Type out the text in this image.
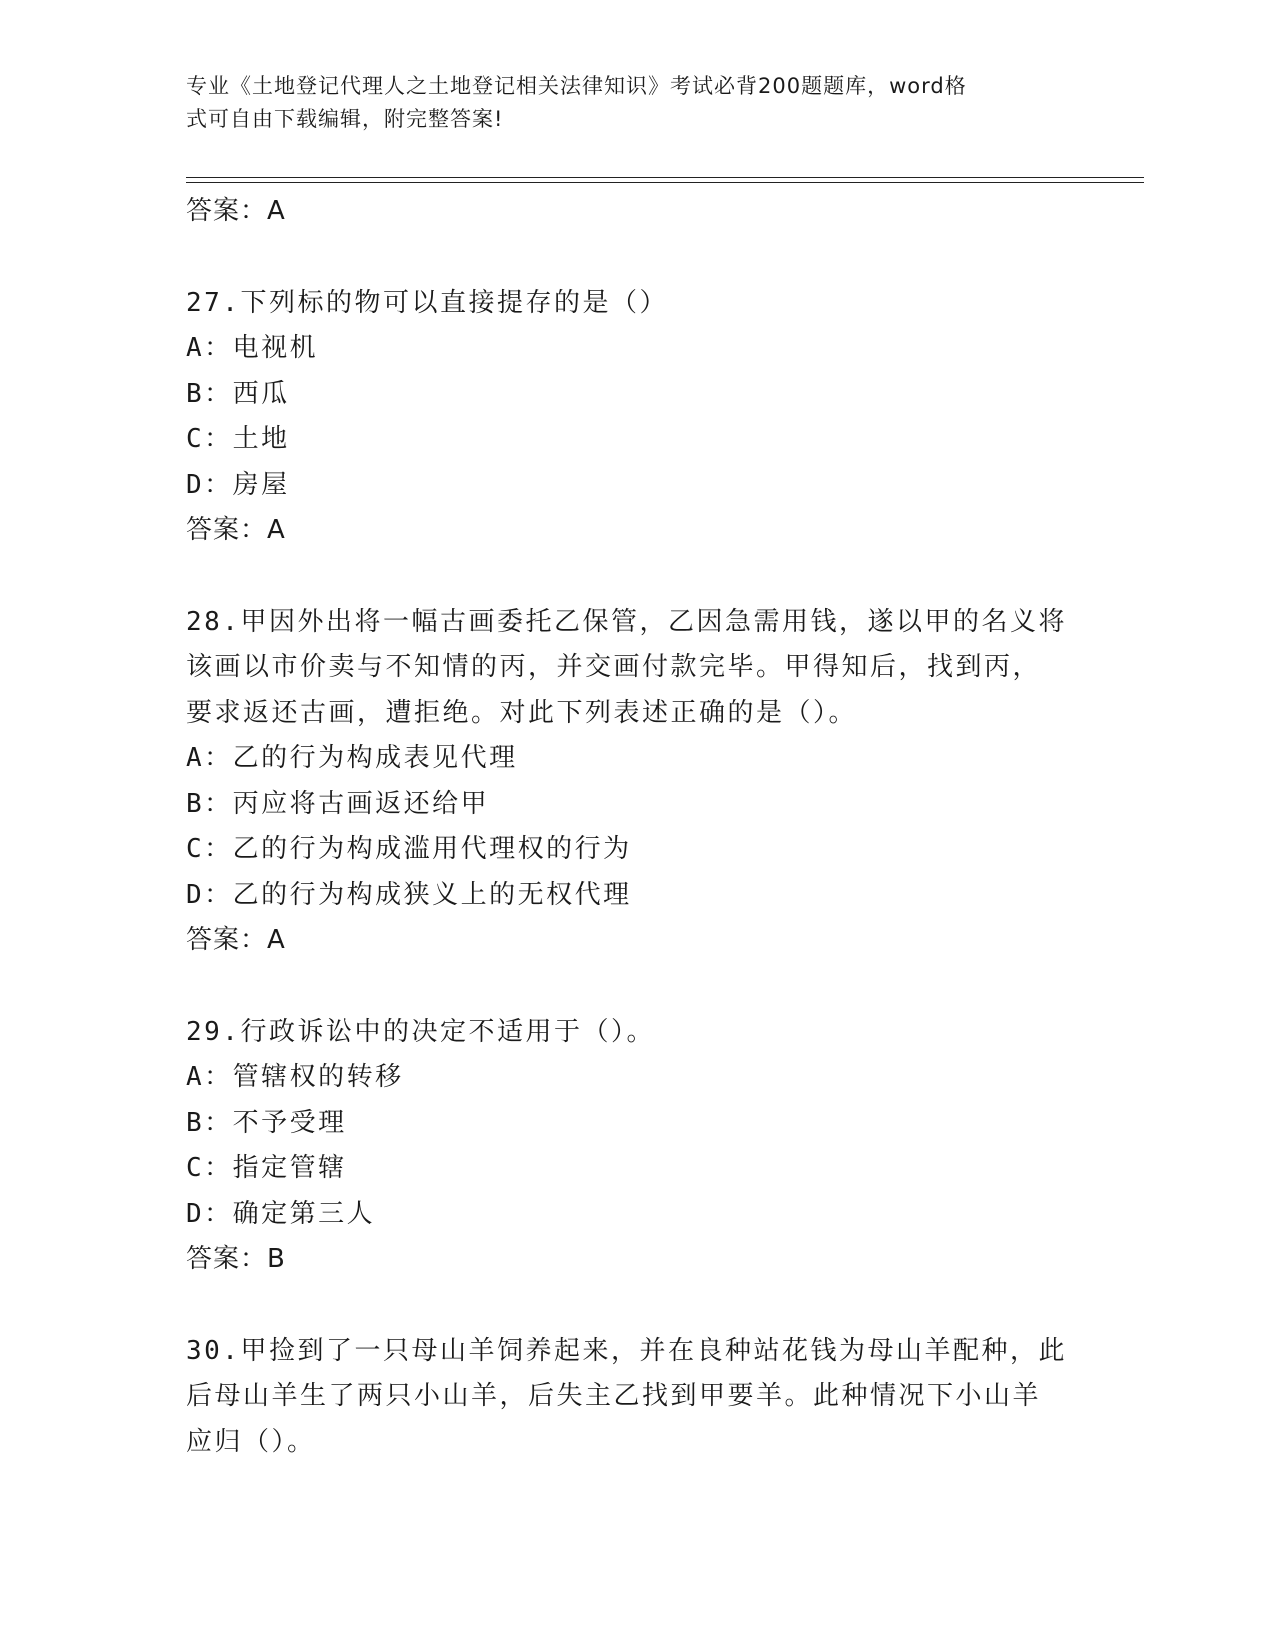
专业《土地登记代理人之土地登记相关法律知识》考试必背200题题库，word格
式可自由下载编辑，附完整答案!
答案：A
27.下列标的物可以直接提存的是（）
A：电视机
B：西瓜
C：土地
D：房屋
答案：A
28.甲因外出将一幅古画委托乙保管，乙因急需用钱，遂以甲的名义将
该画以市价卖与不知情的丙，并交画付款完毕。甲得知后，找到丙，
要求返还古画，遭拒绝。对此下列表述正确的是（）。
A：乙的行为构成表见代理
B：丙应将古画返还给甲
C：乙的行为构成滥用代理权的行为
D：乙的行为构成狭义上的无权代理
答案：A
29.行政诉讼中的决定不适用于（）。
A：管辖权的转移
B：不予受理
C：指定管辖
D：确定第三人
答案：B
30.甲捡到了一只母山羊饲养起来，并在良种站花钱为母山羊配种，此
后母山羊生了两只小山羊，后失主乙找到甲要羊。此种情况下小山羊
应归（）。
